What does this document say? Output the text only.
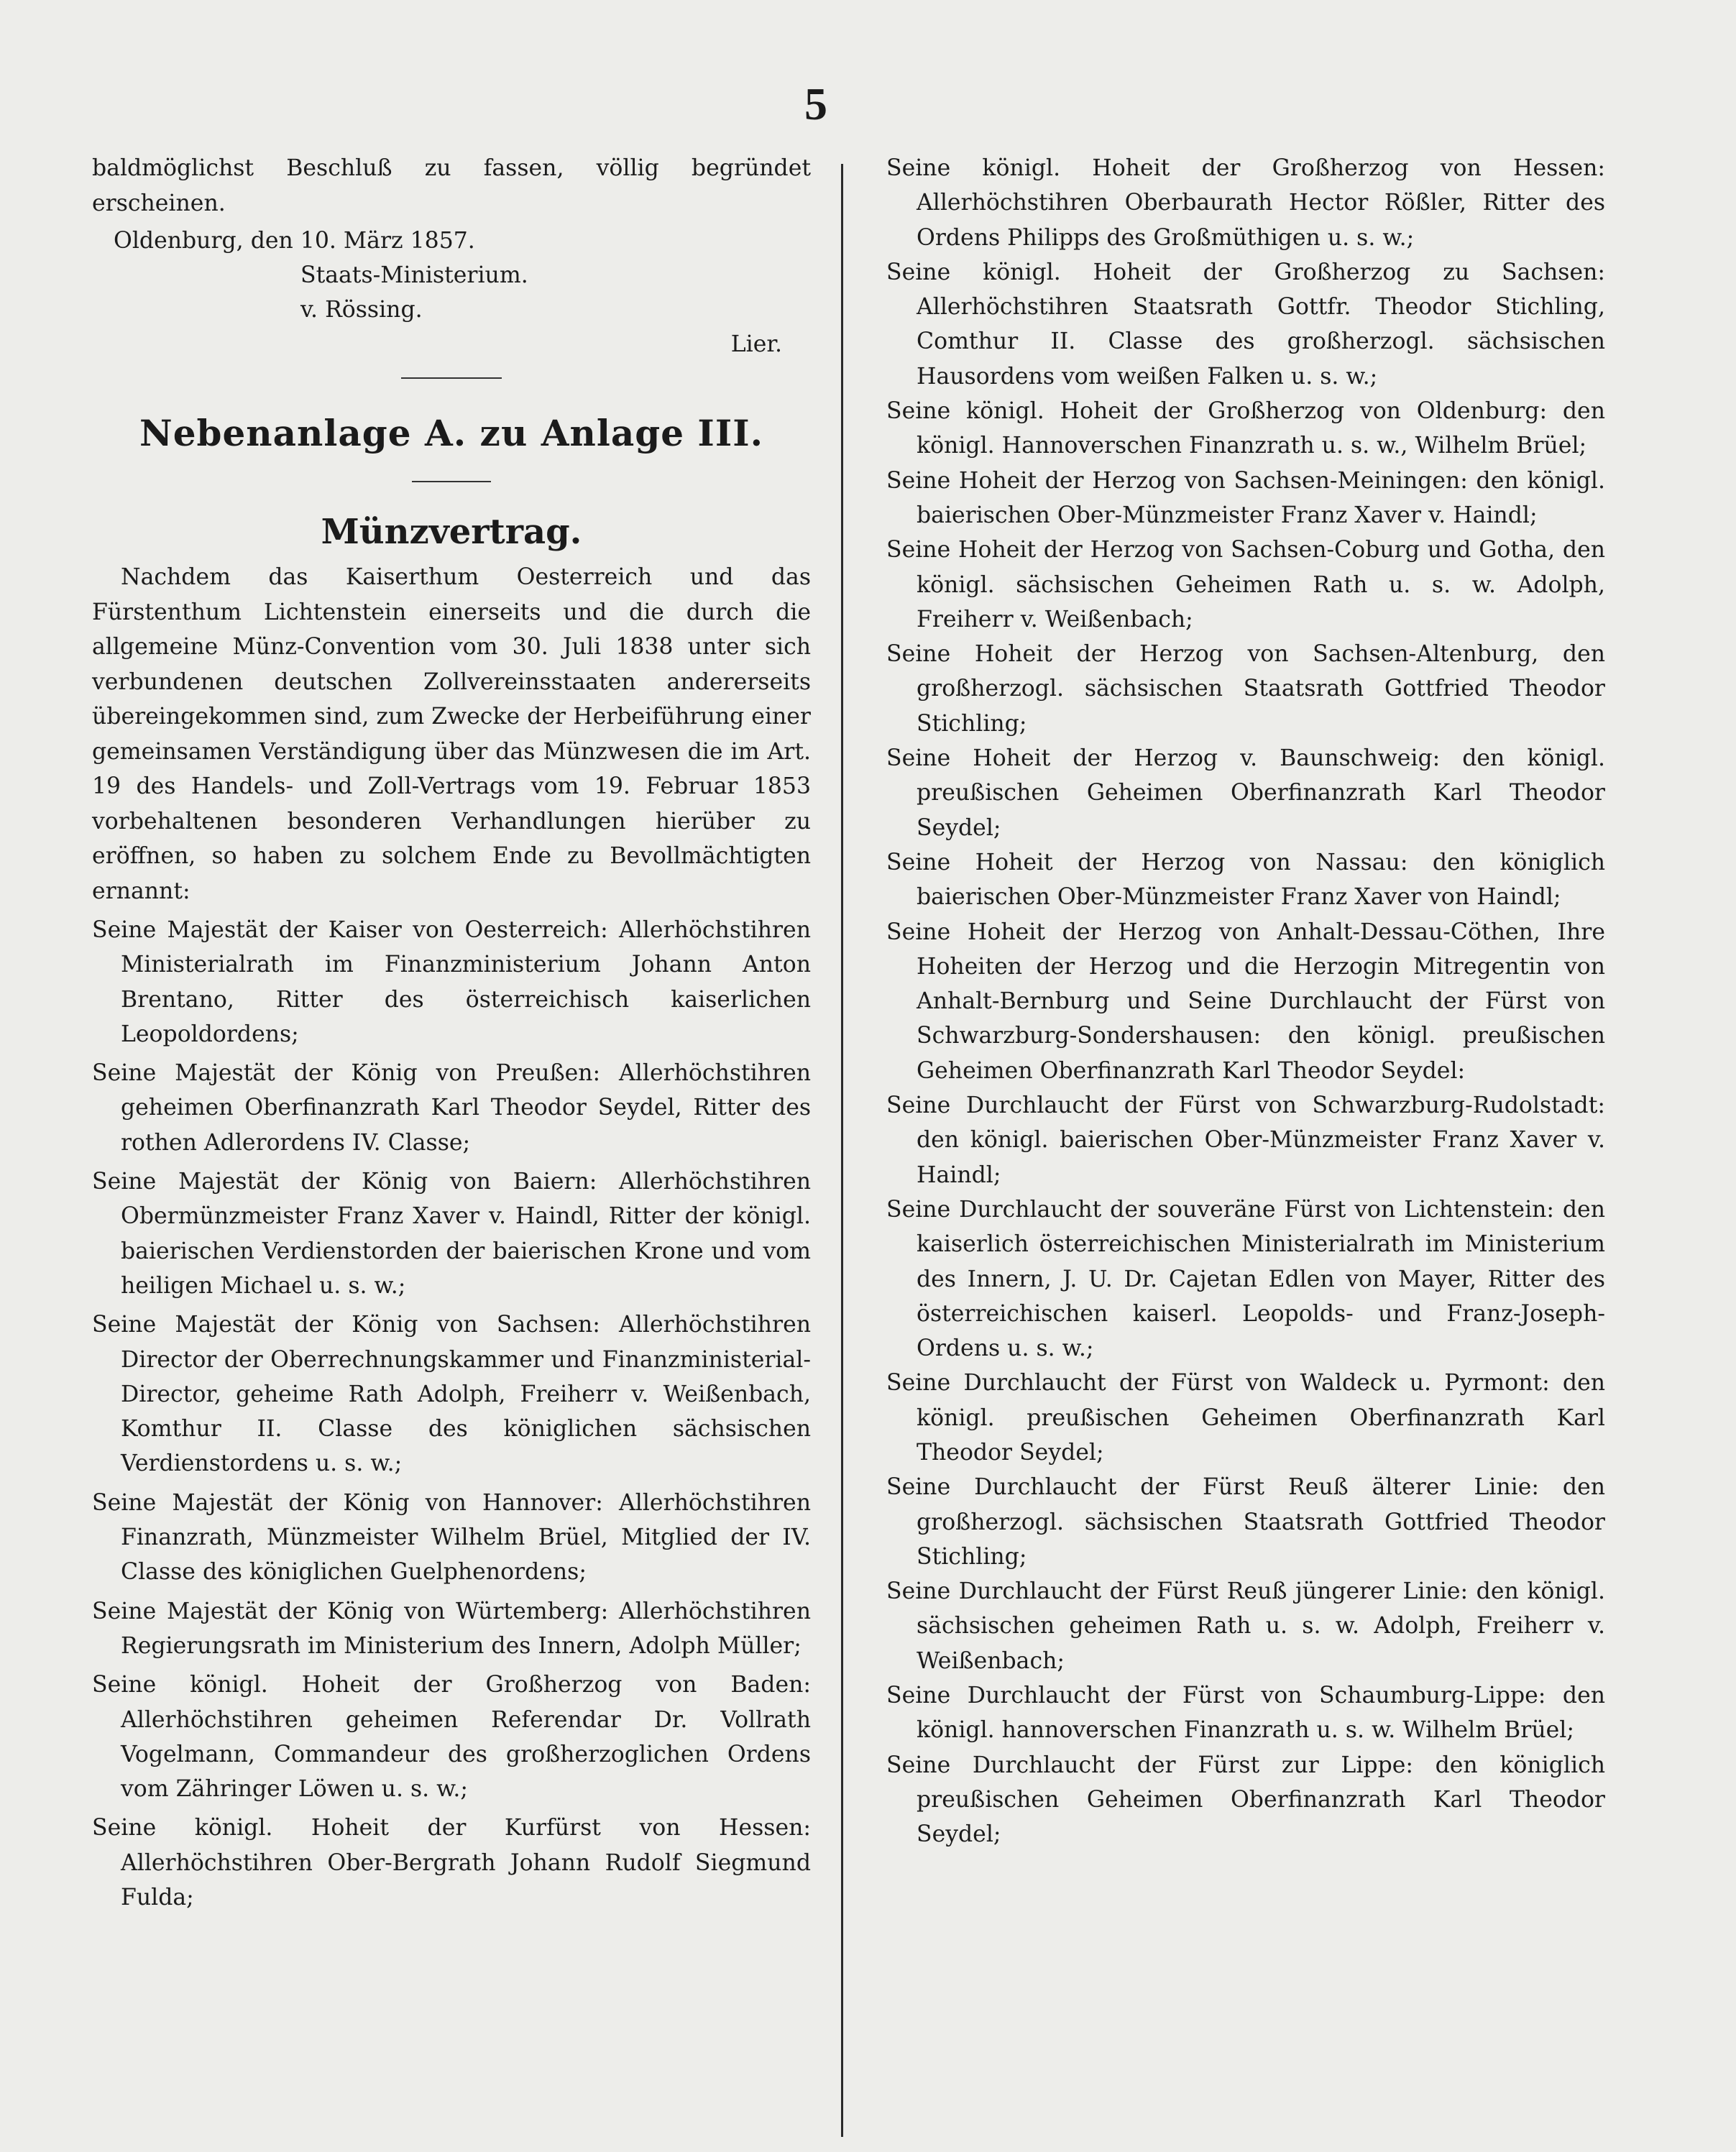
5

baldmöglichst Beschluß zu fassen, völlig begründet erscheinen.

Oldenburg, den 10. März 1857.

Staats-Ministerium.

v. Rössing.

Lier.

Nebenanlage A. zu Anlage III.

Münzvertrag.

Nachdem das Kaiserthum Oesterreich und das Fürstenthum Lichtenstein einerseits und die durch die allgemeine Münz-Convention vom 30. Juli 1838 unter sich verbundenen deutschen Zollvereinsstaaten andererseits übereingekommen sind, zum Zwecke der Herbeiführung einer gemeinsamen Verständigung über das Münzwesen die im Art. 19 des Handels- und Zoll-Vertrags vom 19. Februar 1853 vorbehaltenen besonderen Verhandlungen hierüber zu eröffnen, so haben zu solchem Ende zu Bevollmächtigten ernannt:

Seine Majestät der Kaiser von Oesterreich: Allerhöchstihren Ministerialrath im Finanzministerium Johann Anton Brentano, Ritter des österreichisch kaiserlichen Leopoldordens;

Seine Majestät der König von Preußen: Allerhöchstihren geheimen Oberfinanzrath Karl Theodor Seydel, Ritter des rothen Adlerordens IV. Classe;

Seine Majestät der König von Baiern: Allerhöchstihren Obermünzmeister Franz Xaver v. Haindl, Ritter der königl. baierischen Verdienstorden der baierischen Krone und vom heiligen Michael u. s. w.;

Seine Majestät der König von Sachsen: Allerhöchstihren Director der Oberrechnungskammer und Finanzministerial-Director, geheime Rath Adolph, Freiherr v. Weißenbach, Komthur II. Classe des königlichen sächsischen Verdienstordens u. s. w.;

Seine Majestät der König von Hannover: Allerhöchstihren Finanzrath, Münzmeister Wilhelm Brüel, Mitglied der IV. Classe des königlichen Guelphenordens;

Seine Majestät der König von Würtemberg: Allerhöchstihren Regierungsrath im Ministerium des Innern, Adolph Müller;

Seine königl. Hoheit der Großherzog von Baden: Allerhöchstihren geheimen Referendar Dr. Vollrath Vogelmann, Commandeur des großherzoglichen Ordens vom Zähringer Löwen u. s. w.;

Seine königl. Hoheit der Kurfürst von Hessen: Allerhöchstihren Ober-Bergrath Johann Rudolf Siegmund Fulda;

Seine königl. Hoheit der Großherzog von Hessen: Allerhöchstihren Oberbaurath Hector Rößler, Ritter des Ordens Philipps des Großmüthigen u. s. w.;

Seine königl. Hoheit der Großherzog zu Sachsen: Allerhöchstihren Staatsrath Gottfr. Theodor Stichling, Comthur II. Classe des großherzogl. sächsischen Hausordens vom weißen Falken u. s. w.;

Seine königl. Hoheit der Großherzog von Oldenburg: den königl. Hannoverschen Finanzrath u. s. w., Wilhelm Brüel;

Seine Hoheit der Herzog von Sachsen-Meiningen: den königl. baierischen Ober-Münzmeister Franz Xaver v. Haindl;

Seine Hoheit der Herzog von Sachsen-Coburg und Gotha, den königl. sächsischen Geheimen Rath u. s. w. Adolph, Freiherr v. Weißenbach;

Seine Hoheit der Herzog von Sachsen-Altenburg, den großherzogl. sächsischen Staatsrath Gottfried Theodor Stichling;

Seine Hoheit der Herzog v. Baunschweig: den königl. preußischen Geheimen Oberfinanzrath Karl Theodor Seydel;

Seine Hoheit der Herzog von Nassau: den königlich baierischen Ober-Münzmeister Franz Xaver von Haindl;

Seine Hoheit der Herzog von Anhalt-Dessau-Cöthen, Ihre Hoheiten der Herzog und die Herzogin Mitregentin von Anhalt-Bernburg und Seine Durchlaucht der Fürst von Schwarzburg-Sondershausen: den königl. preußischen Geheimen Oberfinanzrath Karl Theodor Seydel:

Seine Durchlaucht der Fürst von Schwarzburg-Rudolstadt: den königl. baierischen Ober-Münzmeister Franz Xaver v. Haindl;

Seine Durchlaucht der souveräne Fürst von Lichtenstein: den kaiserlich österreichischen Ministerialrath im Ministerium des Innern, J. U. Dr. Cajetan Edlen von Mayer, Ritter des österreichischen kaiserl. Leopolds- und Franz-Joseph-Ordens u. s. w.;

Seine Durchlaucht der Fürst von Waldeck u. Pyrmont: den königl. preußischen Geheimen Oberfinanzrath Karl Theodor Seydel;

Seine Durchlaucht der Fürst Reuß älterer Linie: den großherzogl. sächsischen Staatsrath Gottfried Theodor Stichling;

Seine Durchlaucht der Fürst Reuß jüngerer Linie: den königl. sächsischen geheimen Rath u. s. w. Adolph, Freiherr v. Weißenbach;

Seine Durchlaucht der Fürst von Schaumburg-Lippe: den königl. hannoverschen Finanzrath u. s. w. Wilhelm Brüel;

Seine Durchlaucht der Fürst zur Lippe: den königlich preußischen Geheimen Oberfinanzrath Karl Theodor Seydel;
